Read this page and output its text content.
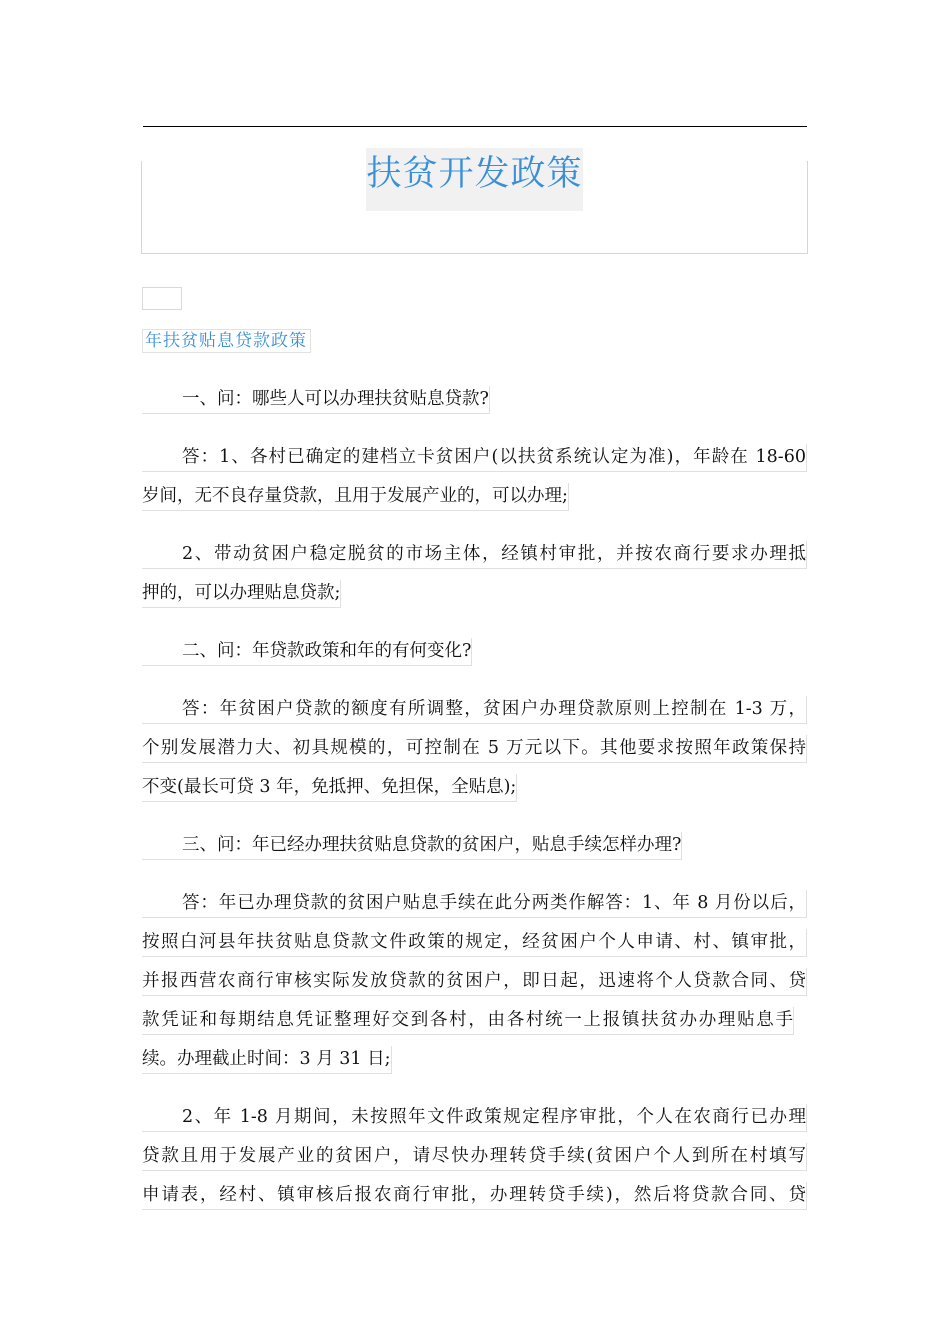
扶贫开发政策
年扶贫贴息贷款政策
一、问：哪些人可以办理扶贫贴息贷款?
答：1、各村已确定的建档立卡贫困户(以扶贫系统认定为准)，年龄在 18-60
岁间，无不良存量贷款，且用于发展产业的，可以办理;
2、带动贫困户稳定脱贫的市场主体，经镇村审批，并按农商行要求办理抵
押的，可以办理贴息贷款;
二、问：年贷款政策和年的有何变化?
答：年贫困户贷款的额度有所调整，贫困户办理贷款原则上控制在 1-3 万，
个别发展潜力大、初具规模的，可控制在 5 万元以下。其他要求按照年政策保持
不变(最长可贷 3 年，免抵押、免担保，全贴息);
三、问：年已经办理扶贫贴息贷款的贫困户，贴息手续怎样办理?
答：年已办理贷款的贫困户贴息手续在此分两类作解答：1、年 8 月份以后，
按照白河县年扶贫贴息贷款文件政策的规定，经贫困户个人申请、村、镇审批，
并报西营农商行审核实际发放贷款的贫困户，即日起，迅速将个人贷款合同、贷
款凭证和每期结息凭证整理好交到各村，由各村统一上报镇扶贫办办理贴息手
续。办理截止时间：3 月 31 日;
2、年 1-8 月期间，未按照年文件政策规定程序审批，个人在农商行已办理
贷款且用于发展产业的贫困户，请尽快办理转贷手续(贫困户个人到所在村填写
申请表，经村、镇审核后报农商行审批，办理转贷手续)，然后将贷款合同、贷
